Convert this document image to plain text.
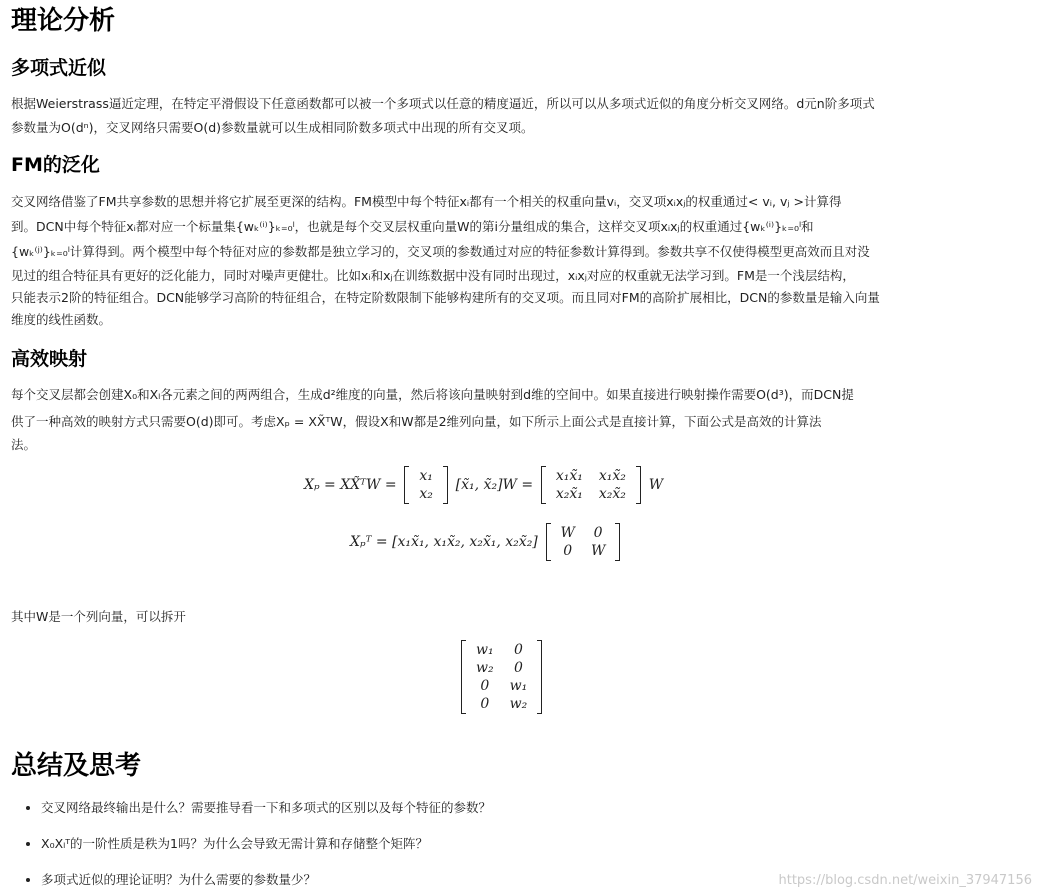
理论分析
多项式近似

根据Weierstrass逼近定理，在特定平滑假设下任意函数都可以被一个多项式以任意的精度逼近，所以可以从多项式近似的角度分析交叉网络。d元n阶多项式

参数量为O(dⁿ)，交叉网络只需要O(d)参数量就可以生成相同阶数多项式中出现的所有交叉项。

FM的泛化

交叉网络借鉴了FM共享参数的思想并将它扩展至更深的结构。FM模型中每个特征xᵢ都有一个相关的权重向量vᵢ，交叉项xᵢxⱼ的权重通过< vᵢ, vⱼ >计算得

到。DCN中每个特征xᵢ都对应一个标量集{wₖ⁽ⁱ⁾}ₖ₌₀ˡ，也就是每个交叉层权重向量W的第i分量组成的集合，这样交叉项xᵢxⱼ的权重通过{wₖ⁽ⁱ⁾}ₖ₌₀ˡ和

{wₖ⁽ʲ⁾}ₖ₌₀ˡ计算得到。两个模型中每个特征对应的参数都是独立学习的，交叉项的参数通过对应的特征参数计算得到。参数共享不仅使得模型更高效而且对没

见过的组合特征具有更好的泛化能力，同时对噪声更健壮。比如xᵢ和xⱼ在训练数据中没有同时出现过，xᵢxⱼ对应的权重就无法学习到。FM是一个浅层结构，

只能表示2阶的特征组合。DCN能够学习高阶的特征组合，在特定阶数限制下能够构建所有的交叉项。而且同对FM的高阶扩展相比，DCN的参数量是输入向量

维度的线性函数。

高效映射

每个交叉层都会创建X₀和Xₗ各元素之间的两两组合，生成d²维度的向量，然后将该向量映射到d维的空间中。如果直接进行映射操作需要O(d³)，而DCN提

供了一种高效的映射方式只需要O(d)即可。考虑Xₚ = XX̃ᵀW，假设X和W都是2维列向量，如下所示上面公式是直接计算，下面公式是高效的计算法

法。

Xₚ = XX̃ᵀW =
x₁
x₂
[x̃₁, x̃₂]W =
x₁x̃₁	x₁x̃₂
x₂x̃₁	x₂x̃₂
W
Xₚᵀ = [x₁x̃₁, x₁x̃₂, x₂x̃₁, x₂x̃₂]
W	0
0	W

其中W是一个列向量，可以拆开

w₁	0
w₂	0
0	w₁
0	w₂
总结及思考
• 交叉网络最终输出是什么？需要推导看一下和多项式的区别以及每个特征的参数？
• X₀Xₗᵀ的一阶性质是秩为1吗？为什么会导致无需计算和存储整个矩阵？
• 多项式近似的理论证明？为什么需要的参数量少？	https://blog.csdn.net/weixin_37947156
